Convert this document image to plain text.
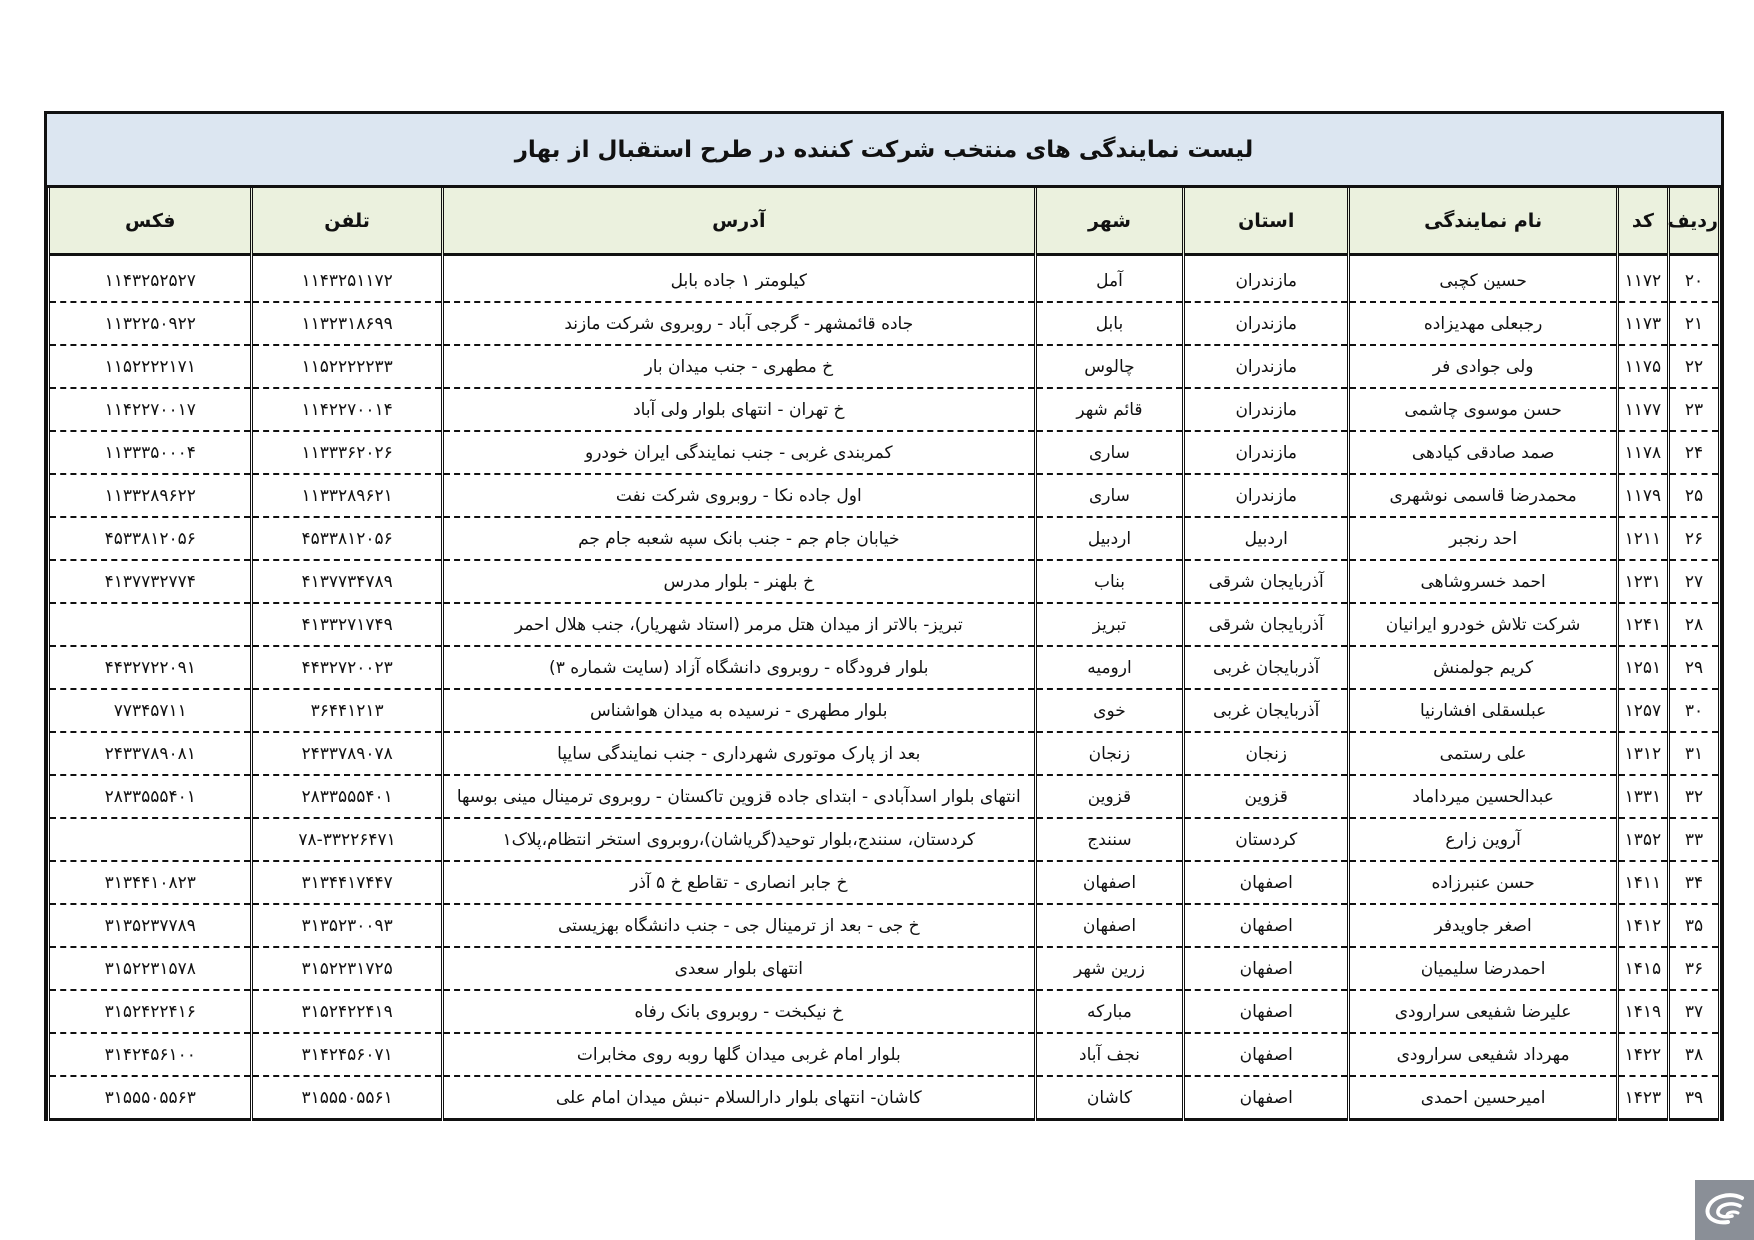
لیست نمایندگی های منتخب شرکت کننده در طرح استقبال از بهار
ردیف	کد	نام نمایندگی	استان	شهر	آدرس	تلفن	فکس

۲۰	۱۱۷۲	حسین کچبی	مازندران	آمل	کیلومتر ۱ جاده بابل	۱۱۴۳۲۵۱۱۷۲	۱۱۴۳۲۵۲۵۲۷
۲۱	۱۱۷۳	رجبعلی مهدیزاده	مازندران	بابل	جاده قائمشهر - گرجی آباد - روبروی شرکت مازند	۱۱۳۲۳۱۸۶۹۹	۱۱۳۲۲۵۰۹۲۲
۲۲	۱۱۷۵	ولی جوادی فر	مازندران	چالوس	خ مطهری - جنب میدان بار	۱۱۵۲۲۲۲۲۳۳	۱۱۵۲۲۲۲۱۷۱
۲۳	۱۱۷۷	حسن موسوی چاشمی	مازندران	قائم شهر	خ تهران - انتهای بلوار ولی آباد	۱۱۴۲۲۷۰۰۱۴	۱۱۴۲۲۷۰۰۱۷
۲۴	۱۱۷۸	صمد صادقی کیادهی	مازندران	ساری	کمربندی غربی - جنب نمایندگی ایران خودرو	۱۱۳۳۳۶۲۰۲۶	۱۱۳۳۳۵۰۰۰۴
۲۵	۱۱۷۹	محمدرضا قاسمی نوشهری	مازندران	ساری	اول جاده نکا - روبروی شرکت نفت	۱۱۳۳۲۸۹۶۲۱	۱۱۳۳۲۸۹۶۲۲
۲۶	۱۲۱۱	احد رنجبر	اردبیل	اردبیل	خیابان جام جم - جنب بانک سپه شعبه جام جم	۴۵۳۳۸۱۲۰۵۶	۴۵۳۳۸۱۲۰۵۶
۲۷	۱۲۳۱	احمد خسروشاهی	آذربایجان شرقی	بناب	خ بلهنر - بلوار مدرس	۴۱۳۷۷۳۴۷۸۹	۴۱۳۷۷۳۲۷۷۴
۲۸	۱۲۴۱	شرکت تلاش خودرو ایرانیان	آذربایجان شرقی	تبریز	تبریز- بالاتر از میدان هتل مرمر (استاد شهریار)، جنب هلال احمر	۴۱۳۳۲۷۱۷۴۹	
۲۹	۱۲۵۱	کریم جولمنش	آذربایجان غربی	ارومیه	بلوار فرودگاه - روبروی دانشگاه آزاد (سایت شماره ۳)	۴۴۳۲۷۲۰۰۲۳	۴۴۳۲۷۲۲۰۹۱
۳۰	۱۲۵۷	عبلسقلی افشارنیا	آذربایجان غربی	خوی	بلوار مطهری - نرسیده به میدان هواشناس	۳۶۴۴۱۲۱۳	۷۷۳۴۵۷۱۱
۳۱	۱۳۱۲	علی رستمی	زنجان	زنجان	بعد از پارک موتوری شهرداری - جنب نمایندگی سایپا	۲۴۳۳۷۸۹۰۷۸	۲۴۳۳۷۸۹۰۸۱
۳۲	۱۳۳۱	عبدالحسین میرداماد	قزوین	قزوین	انتهای بلوار اسدآبادی - ابتدای جاده قزوین تاکستان - روبروی ترمینال مینی بوسها	۲۸۳۳۵۵۵۴۰۱	۲۸۳۳۵۵۵۴۰۱
۳۳	۱۳۵۲	آروین زارع	کردستان	سنندج	کردستان، سنندج،بلوار توحید(گریاشان)،روبروی استخر انتظام،پلاک۱	۷۸-۳۳۲۲۶۴۷۱	
۳۴	۱۴۱۱	حسن عنبرزاده	اصفهان	اصفهان	خ جابر انصاری - تقاطع خ ۵ آذر	۳۱۳۴۴۱۷۴۴۷	۳۱۳۴۴۱۰۸۲۳
۳۵	۱۴۱۲	اصغر جاویدفر	اصفهان	اصفهان	خ جی - بعد از ترمینال جی - جنب دانشگاه بهزیستی	۳۱۳۵۲۳۰۰۹۳	۳۱۳۵۲۳۷۷۸۹
۳۶	۱۴۱۵	احمدرضا سلیمیان	اصفهان	زرین شهر	انتهای بلوار سعدی	۳۱۵۲۲۳۱۷۲۵	۳۱۵۲۲۳۱۵۷۸
۳۷	۱۴۱۹	علیرضا شفیعی سرارودی	اصفهان	مبارکه	خ نیکبخت - روبروی بانک رفاه	۳۱۵۲۴۲۲۴۱۹	۳۱۵۲۴۲۲۴۱۶
۳۸	۱۴۲۲	مهرداد شفیعی سرارودی	اصفهان	نجف آباد	بلوار امام غربی میدان گلها روبه روی مخابرات	۳۱۴۲۴۵۶۰۷۱	۳۱۴۲۴۵۶۱۰۰
۳۹	۱۴۲۳	امیرحسین احمدی	اصفهان	کاشان	کاشان- انتهای بلوار دارالسلام -نبش میدان امام علی	۳۱۵۵۵۰۵۵۶۱	۳۱۵۵۵۰۵۵۶۳
